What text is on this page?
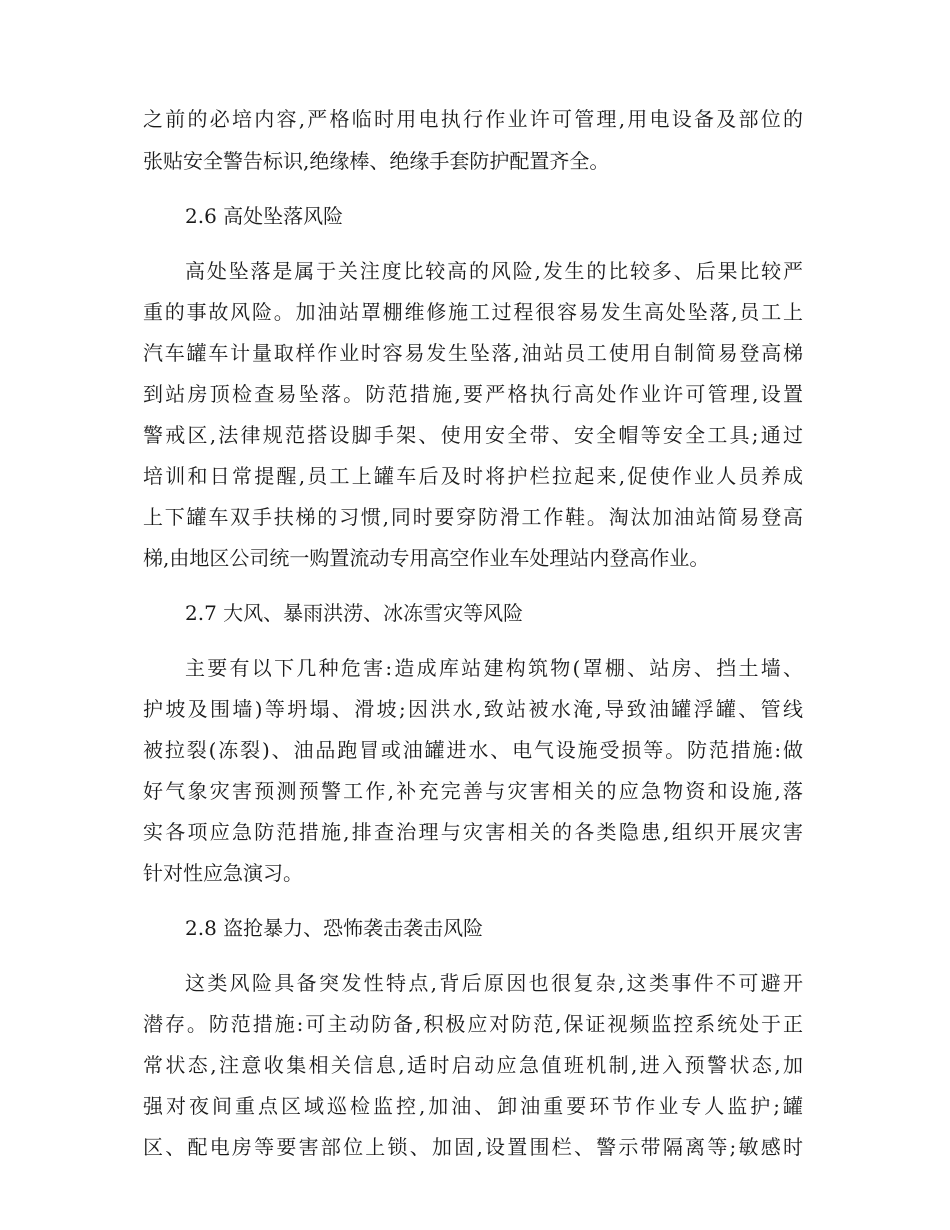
之前的必培内容,严格临时用电执行作业许可管理,用电设备及部位的
张贴安全警告标识,绝缘棒、绝缘手套防护配置齐全。
2.6 高处坠落风险
高处坠落是属于关注度比较高的风险,发生的比较多、后果比较严
重的事故风险。加油站罩棚维修施工过程很容易发生高处坠落,员工上
汽车罐车计量取样作业时容易发生坠落,油站员工使用自制简易登高梯
到站房顶检查易坠落。防范措施,要严格执行高处作业许可管理,设置
警戒区,法律规范搭设脚手架、使用安全带、安全帽等安全工具;通过
培训和日常提醒,员工上罐车后及时将护栏拉起来,促使作业人员养成
上下罐车双手扶梯的习惯,同时要穿防滑工作鞋。淘汰加油站简易登高
梯,由地区公司统一购置流动专用高空作业车处理站内登高作业。
2.7 大风、暴雨洪涝、冰冻雪灾等风险
主要有以下几种危害:造成库站建构筑物(罩棚、站房、挡土墙、
护坡及围墙)等坍塌、滑坡;因洪水,致站被水淹,导致油罐浮罐、管线
被拉裂(冻裂)、油品跑冒或油罐进水、电气设施受损等。防范措施:做
好气象灾害预测预警工作,补充完善与灾害相关的应急物资和设施,落
实各项应急防范措施,排查治理与灾害相关的各类隐患,组织开展灾害
针对性应急演习。
2.8 盗抢暴力、恐怖袭击袭击风险
这类风险具备突发性特点,背后原因也很复杂,这类事件不可避开
潜存。防范措施:可主动防备,积极应对防范,保证视频监控系统处于正
常状态,注意收集相关信息,适时启动应急值班机制,进入预警状态,加
强对夜间重点区域巡检监控,加油、卸油重要环节作业专人监护;罐
区、配电房等要害部位上锁、加固,设置围栏、警示带隔离等;敏感时
